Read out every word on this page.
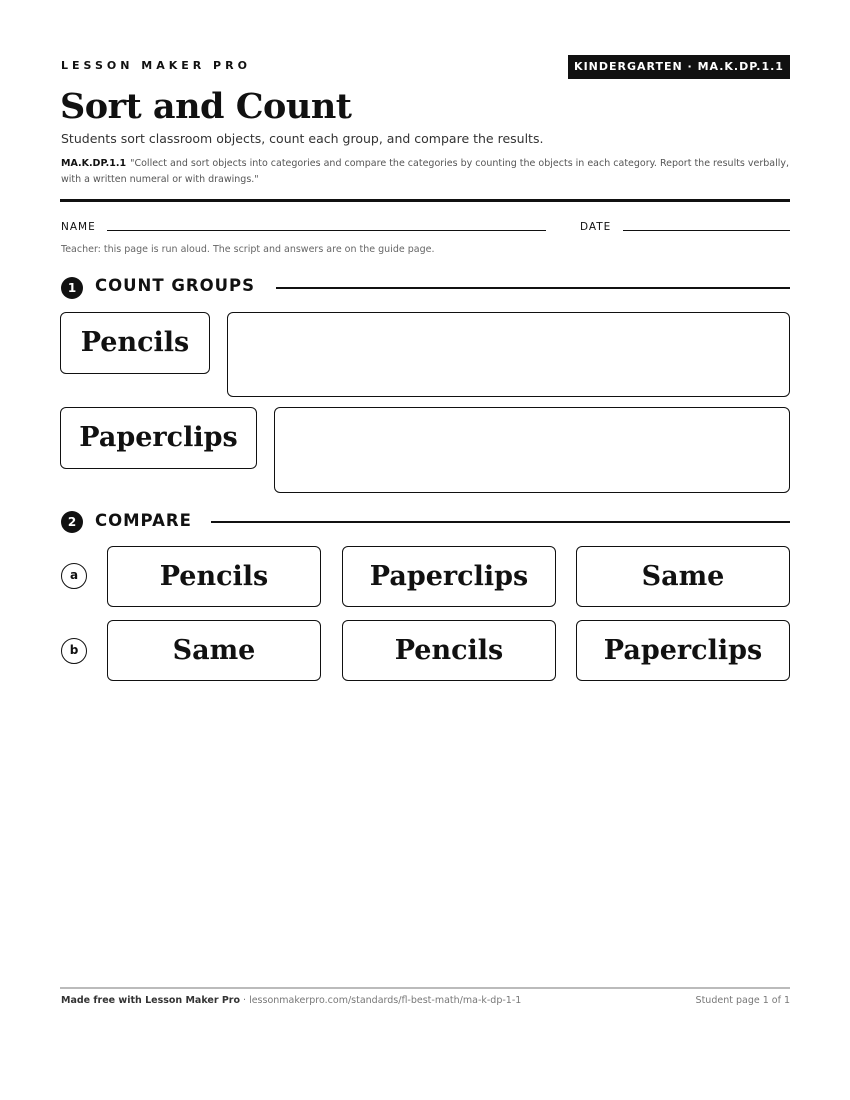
LESSON MAKER PRO	KINDERGARTEN · MA.K.DP.1.1
Sort and Count
Students sort classroom objects, count each group, and compare the results.
MA.K.DP.1.1 "Collect and sort objects into categories and compare the categories by counting the objects in each category. Report the results verbally, with a written numeral or with drawings."
NAME	DATE
Teacher: this page is run aloud. The script and answers are on the guide page.
1	COUNT GROUPS
Pencils
Paperclips
2	COMPARE
a	Pencils	Paperclips	Same
b	Same	Pencils	Paperclips
Made free with Lesson Maker Pro · lessonmakerpro.com/standards/fl-best-math/ma-k-dp-1-1	Student page 1 of 1
